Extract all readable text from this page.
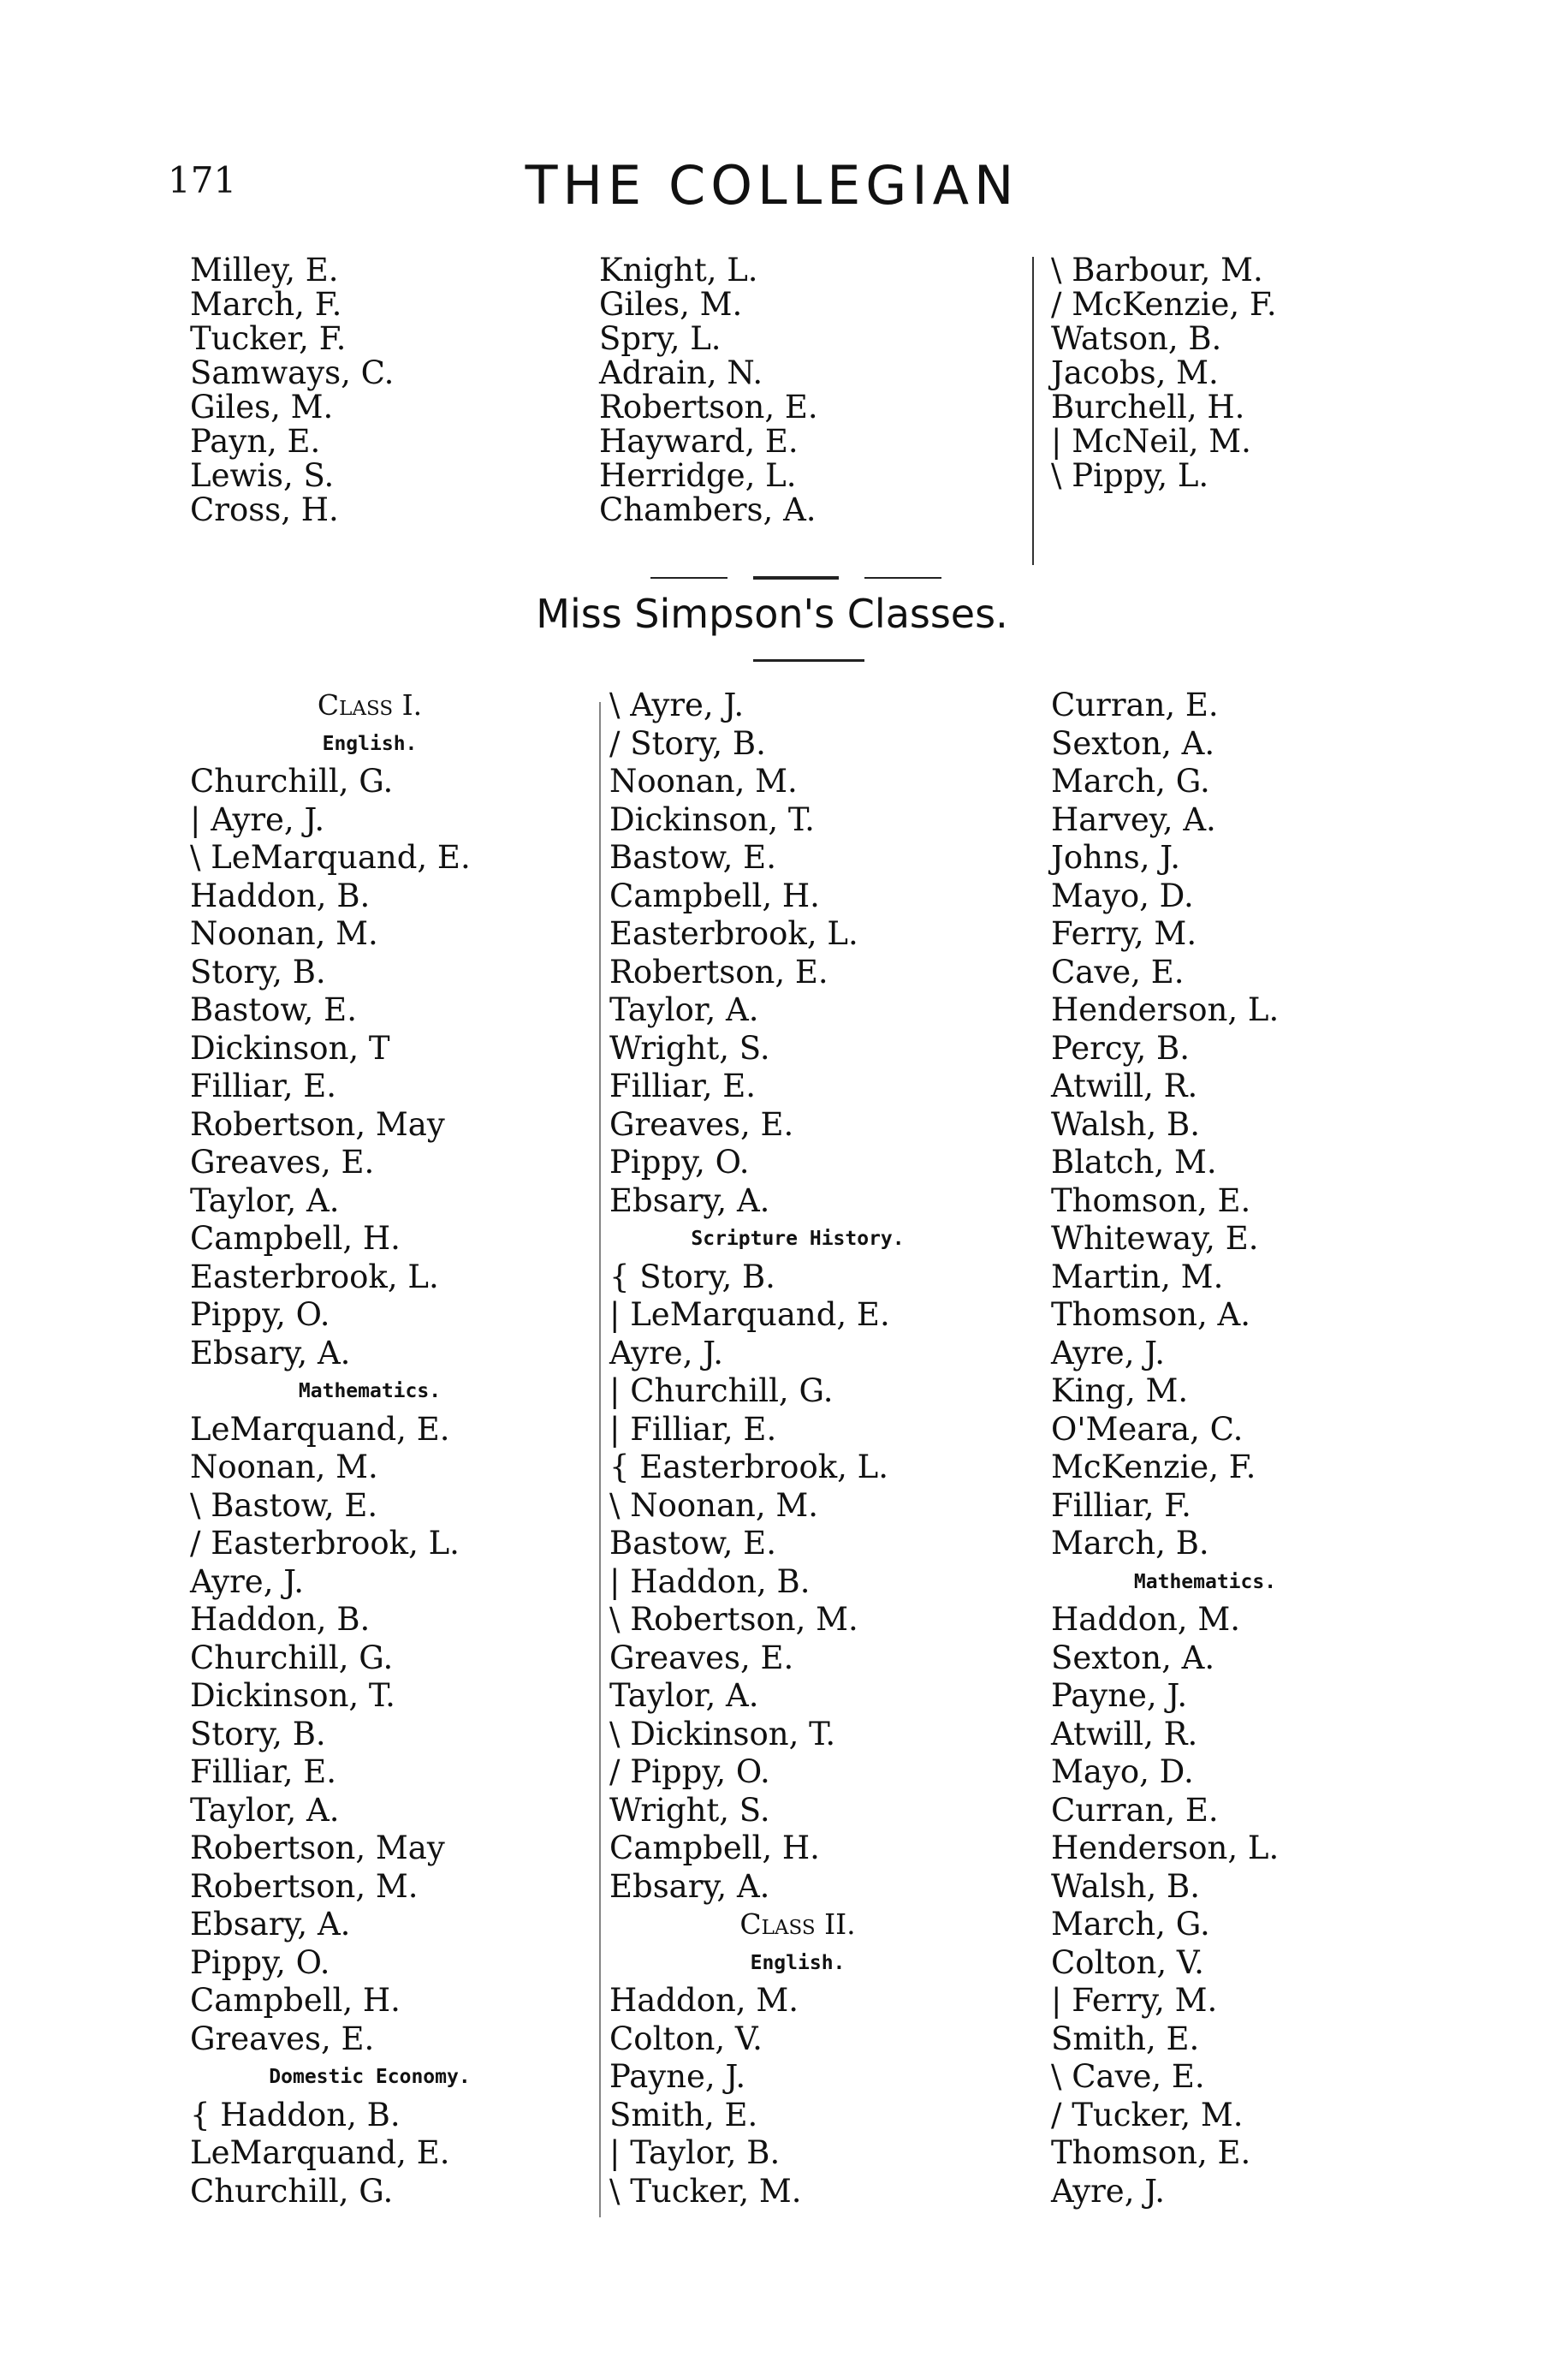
171	THE COLLEGIAN
Milley, E.
March, F.
Tucker, F.
Samways, C.
Giles, M.
Payn, E.
Lewis, S.
Cross, H.
Knight, L.
Giles, M.
Spry, L.
Adrain, N.
Robertson, E.
Hayward, E.
Herridge, L.
Chambers, A.
\ Barbour, M.
/ McKenzie, F.
Watson, B.
Jacobs, M.
Burchell, H.
| McNeil, M.
\ Pippy, L.
Miss Simpson's Classes.
Class I.
English.
Churchill, G.
| Ayre, J.
\ LeMarquand, E.
Haddon, B.
Noonan, M.
Story, B.
Bastow, E.
Dickinson, T
Filliar, E.
Robertson, May
Greaves, E.
Taylor, A.
Campbell, H.
Easterbrook, L.
Pippy, O.
Ebsary, A.
Mathematics.
LeMarquand, E.
Noonan, M.
\ Bastow, E.
/ Easterbrook, L.
Ayre, J.
Haddon, B.
Churchill, G.
Dickinson, T.
Story, B.
Filliar, E.
Taylor, A.
Robertson, May
Robertson, M.
Ebsary, A.
Pippy, O.
Campbell, H.
Greaves, E.
Domestic Economy.
{ Haddon, B.
LeMarquand, E.
Churchill, G.
\ Ayre, J.
/ Story, B.
Noonan, M.
Dickinson, T.
Bastow, E.
Campbell, H.
Easterbrook, L.
Robertson, E.
Taylor, A.
Wright, S.
Filliar, E.
Greaves, E.
Pippy, O.
Ebsary, A.
Scripture History.
{ Story, B.
| LeMarquand, E.
Ayre, J.
| Churchill, G.
| Filliar, E.
{ Easterbrook, L.
\ Noonan, M.
Bastow, E.
| Haddon, B.
\ Robertson, M.
Greaves, E.
Taylor, A.
\ Dickinson, T.
/ Pippy, O.
Wright, S.
Campbell, H.
Ebsary, A.
Class II.
English.
Haddon, M.
Colton, V.
Payne, J.
Smith, E.
| Taylor, B.
\ Tucker, M.
Curran, E.
Sexton, A.
March, G.
Harvey, A.
Johns, J.
Mayo, D.
Ferry, M.
Cave, E.
Henderson, L.
Percy, B.
Atwill, R.
Walsh, B.
Blatch, M.
Thomson, E.
Whiteway, E.
Martin, M.
Thomson, A.
Ayre, J.
King, M.
O'Meara, C.
McKenzie, F.
Filliar, F.
March, B.
Mathematics.
Haddon, M.
Sexton, A.
Payne, J.
Atwill, R.
Mayo, D.
Curran, E.
Henderson, L.
Walsh, B.
March, G.
Colton, V.
| Ferry, M.
Smith, E.
\ Cave, E.
/ Tucker, M.
Thomson, E.
Ayre, J.
